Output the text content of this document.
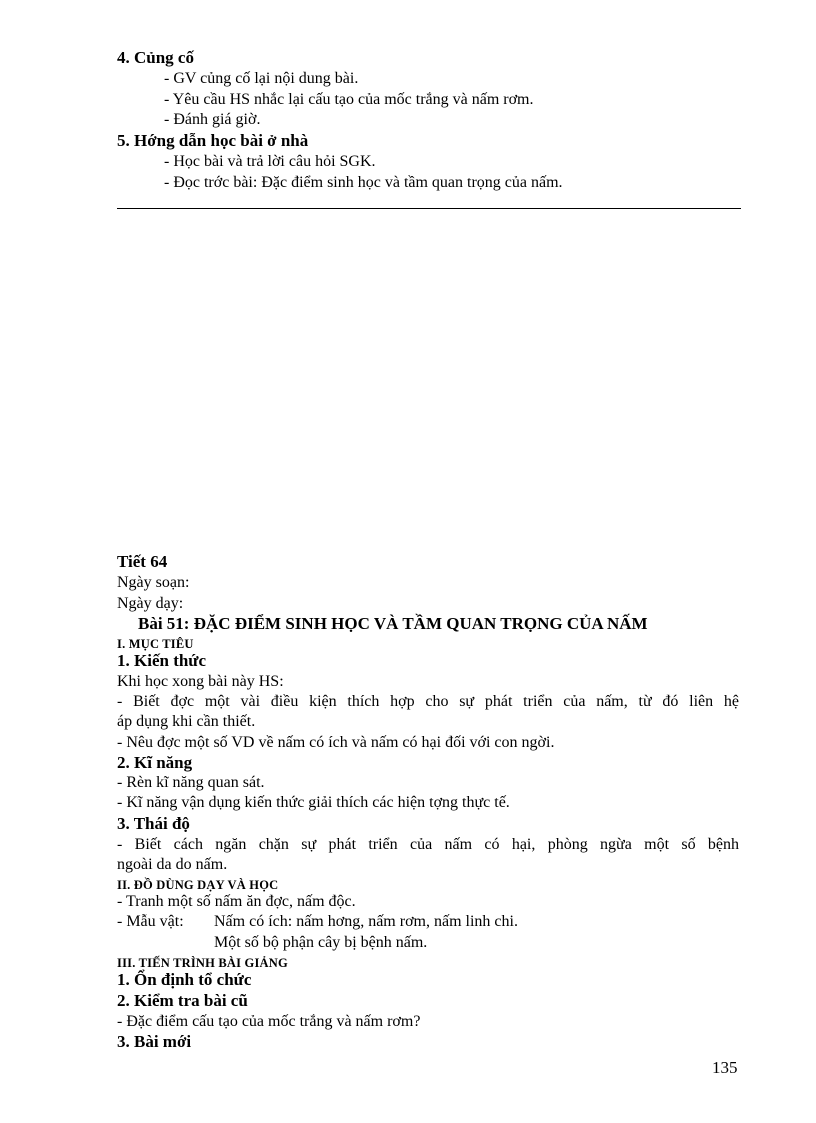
4. Củng cố
- GV củng cố lại nội dung bài.
- Yêu cầu HS nhắc lại cấu tạo của mốc trắng và nấm rơm.
- Đánh giá giờ.
5. Hớng dẫn học bài ở nhà
- Học bài và trả lời câu hỏi SGK.
- Đọc trớc bài: Đặc điểm sinh học và tầm quan trọng của nấm.
Tiết 64
Ngày soạn:
Ngày dạy:
Bài 51: ĐẶC ĐIỂM SINH HỌC VÀ TẦM QUAN TRỌNG CỦA NẤM
I. MỤC TIÊU
1. Kiến thức
Khi học xong bài này HS:
- Biết đợc một vài điều kiện thích hợp cho sự phát triển của nấm, từ đó liên hệ
áp dụng khi cần thiết.
- Nêu đợc một số VD về nấm có ích và nấm có hại đối với con ngời.
2. Kĩ năng
- Rèn kĩ năng quan sát.
- Kĩ năng vận dụng kiến thức giải thích các hiện tợng thực tế.
3. Thái độ
- Biết cách ngăn chặn sự phát triển của nấm có hại, phòng ngừa một số bệnh
ngoài da do nấm.
II. ĐỒ DÙNG DẠY VÀ HỌC
- Tranh một số nấm ăn đợc, nấm độc.
- Mẫu vật: Nấm có ích: nấm hơng, nấm rơm, nấm linh chi.
Một số bộ phận cây bị bệnh nấm.
III. TIẾN TRÌNH BÀI GIẢNG
1. Ổn định tổ chức
2. Kiểm tra bài cũ
- Đặc điểm cấu tạo của mốc trắng và nấm rơm?
3. Bài mới
135
